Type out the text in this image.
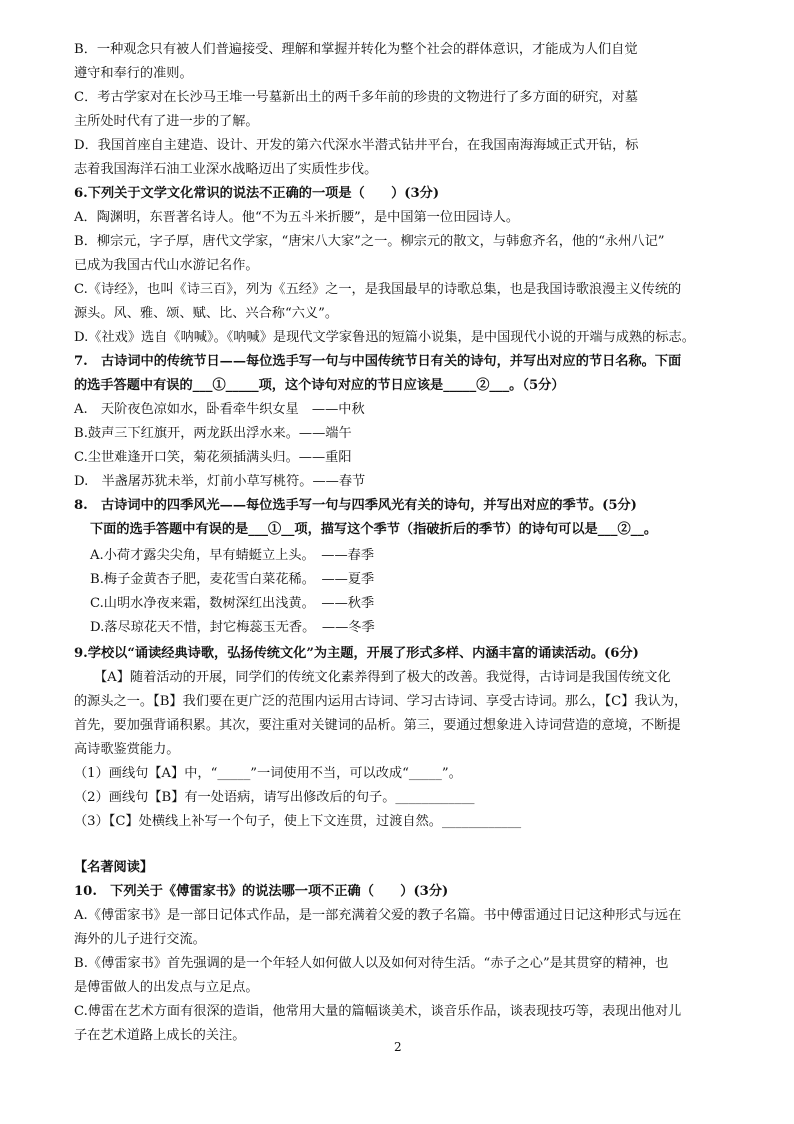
B．一种观念只有被人们普遍接受、理解和掌握并转化为整个社会的群体意识，才能成为人们自觉
遵守和奉行的准则。
C．考古学家对在长沙马王堆一号墓新出土的两千多年前的珍贵的文物进行了多方面的研究，对墓
主所处时代有了进一步的了解。
D．我国首座自主建造、设计、开发的第六代深水半潜式钻井平台，在我国南海海域正式开钻，标
志着我国海洋石油工业深水战略迈出了实质性步伐。
6.下列关于文学文化常识的说法不正确的一项是（　　）(3分)
A．陶渊明，东晋著名诗人。他“不为五斗米折腰”，是中国第一位田园诗人。
B．柳宗元，字子厚，唐代文学家，“唐宋八大家”之一。柳宗元的散文，与韩愈齐名，他的“永州八记”
已成为我国古代山水游记名作。
C.《诗经》，也叫《诗三百》，列为《五经》之一，是我国最早的诗歌总集，也是我国诗歌浪漫主义传统的
源头。风、雅、颂、赋、比、兴合称“六义”。
D.《社戏》选自《呐喊》。《呐喊》是现代文学家鲁迅的短篇小说集，是中国现代小说的开端与成熟的标志。
7.　古诗词中的传统节日——每位选手写一句与中国传统节日有关的诗句，并写出对应的节日名称。下面
的选手答题中有误的___①_____项，这个诗句对应的节日应该是_____②___。（5分）
A.　天阶夜色凉如水，卧看牵牛织女星　——中秋
B.鼓声三下红旗开，两龙跃出浮水来。——端午
C.尘世难逢开口笑，菊花须插满头归。——重阳
D.　半盏屠苏犹未举，灯前小草写桃符。——春节
8.　古诗词中的四季风光——每位选手写一句与四季风光有关的诗句，并写出对应的季节。(5分)
下面的选手答题中有误的是___①__项，描写这个季节（指破折后的季节）的诗句可以是___②__。
A.小荷才露尖尖角，早有蜻蜓立上头。　——春季
B.梅子金黄杏子肥，麦花雪白菜花稀。　——夏季
C.山明水净夜来霜，数树深红出浅黄。　——秋季
D.落尽琼花天不惜，封它梅蕊玉无香。　——冬季
9.学校以“诵读经典诗歌，弘扬传统文化”为主题，开展了形式多样、内涵丰富的诵读活动。(6分)
【A】随着活动的开展，同学们的传统文化素养得到了极大的改善。我觉得，古诗词是我国传统文化
的源头之一。【B】我们要在更广泛的范围内运用古诗词、学习古诗词、享受古诗词。那么，【C】我认为，
首先，要加强背诵积累。其次，要注重对关键词的品析。第三，要通过想象进入诗词营造的意境，不断提
高诗歌鉴赏能力。
（1）画线句【A】中，“_____”一词使用不当，可以改成“_____”。
（2）画线句【B】有一处语病，请写出修改后的句子。____________
（3）【C】处横线上补写一个句子，使上下文连贯，过渡自然。____________
【名著阅读】
10.　下列关于《傅雷家书》的说法哪一项不正确（　　）(3分)
A.《傅雷家书》是一部日记体式作品，是一部充满着父爱的教子名篇。书中傅雷通过日记这种形式与远在
海外的儿子进行交流。
B.《傅雷家书》首先强调的是一个年轻人如何做人以及如何对待生活。“赤子之心”是其贯穿的精神，也
是傅雷做人的出发点与立足点。
C.傅雷在艺术方面有很深的造诣，他常用大量的篇幅谈美术，谈音乐作品，谈表现技巧等，表现出他对儿
子在艺术道路上成长的关注。
2
